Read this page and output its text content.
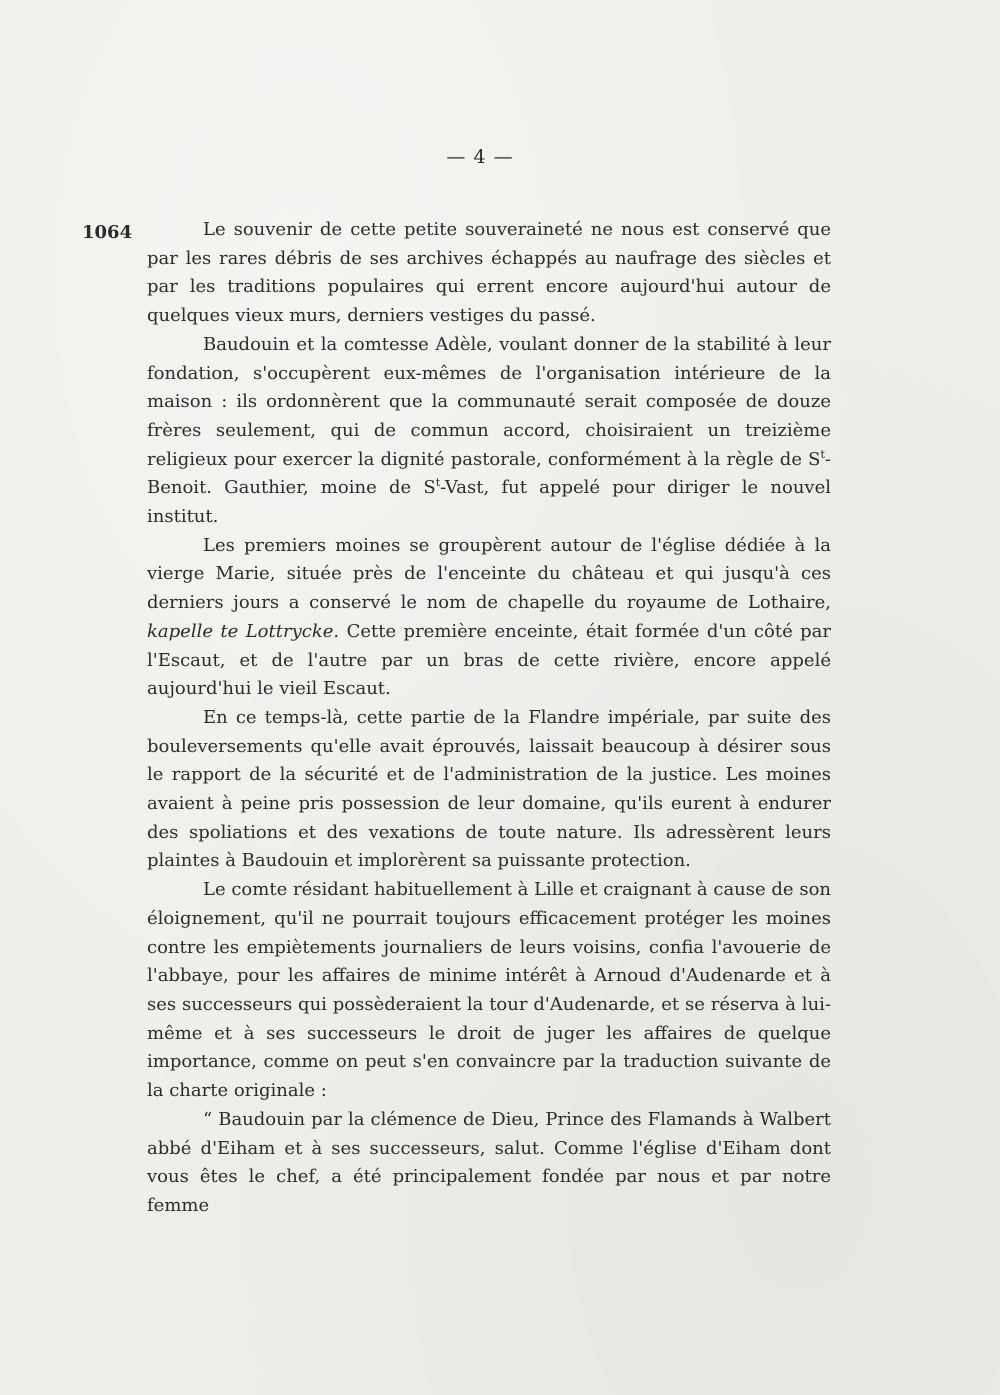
— 4 —
1064	Le souvenir de cette petite souveraineté ne nous est conservé que par les rares débris de ses archives échappés au naufrage des siècles et par les traditions populaires qui errent encore aujourd'hui autour de quelques vieux murs, derniers vestiges du passé.

Baudouin et la comtesse Adèle, voulant donner de la stabilité à leur fondation, s'occupèrent eux-mêmes de l'organisation intérieure de la maison : ils ordonnèrent que la communauté serait composée de douze frères seulement, qui de commun accord, choisiraient un treizième religieux pour exercer la dignité pastorale, conformément à la règle de $S^t$-Benoit. Gauthier, moine de $S^t$-Vast, fut appelé pour diriger le nouvel institut.

Les premiers moines se groupèrent autour de l'église dédiée à la vierge Marie, située près de l'enceinte du château et qui jusqu'à ces derniers jours a conservé le nom de chapelle du royaume de Lothaire, kapelle te Lottrycke. Cette première enceinte, était formée d'un côté par l'Escaut, et de l'autre par un bras de cette rivière, encore appelé aujourd'hui le vieil Escaut.

En ce temps-là, cette partie de la Flandre impériale, par suite des bouleversements qu'elle avait éprouvés, laissait beaucoup à désirer sous le rapport de la sécurité et de l'administration de la justice. Les moines avaient à peine pris possession de leur domaine, qu'ils eurent à endurer des spoliations et des vexations de toute nature. Ils adressèrent leurs plaintes à Baudouin et implorèrent sa puissante protection.

Le comte résidant habituellement à Lille et craignant à cause de son éloignement, qu'il ne pourrait toujours efficacement protéger les moines contre les empiètements journaliers de leurs voisins, confia l'avouerie de l'abbaye, pour les affaires de minime intérêt à Arnoud d'Audenarde et à ses successeurs qui possèderaient la tour d'Audenarde, et se réserva à lui-même et à ses successeurs le droit de juger les affaires de quelque importance, comme on peut s'en convaincre par la traduction suivante de la charte originale :

“ Baudouin par la clémence de Dieu, Prince des Flamands à Walbert abbé d'Eiham et à ses successeurs, salut. Comme l'église d'Eiham dont vous êtes le chef, a été principalement fondée par nous et par notre femme
